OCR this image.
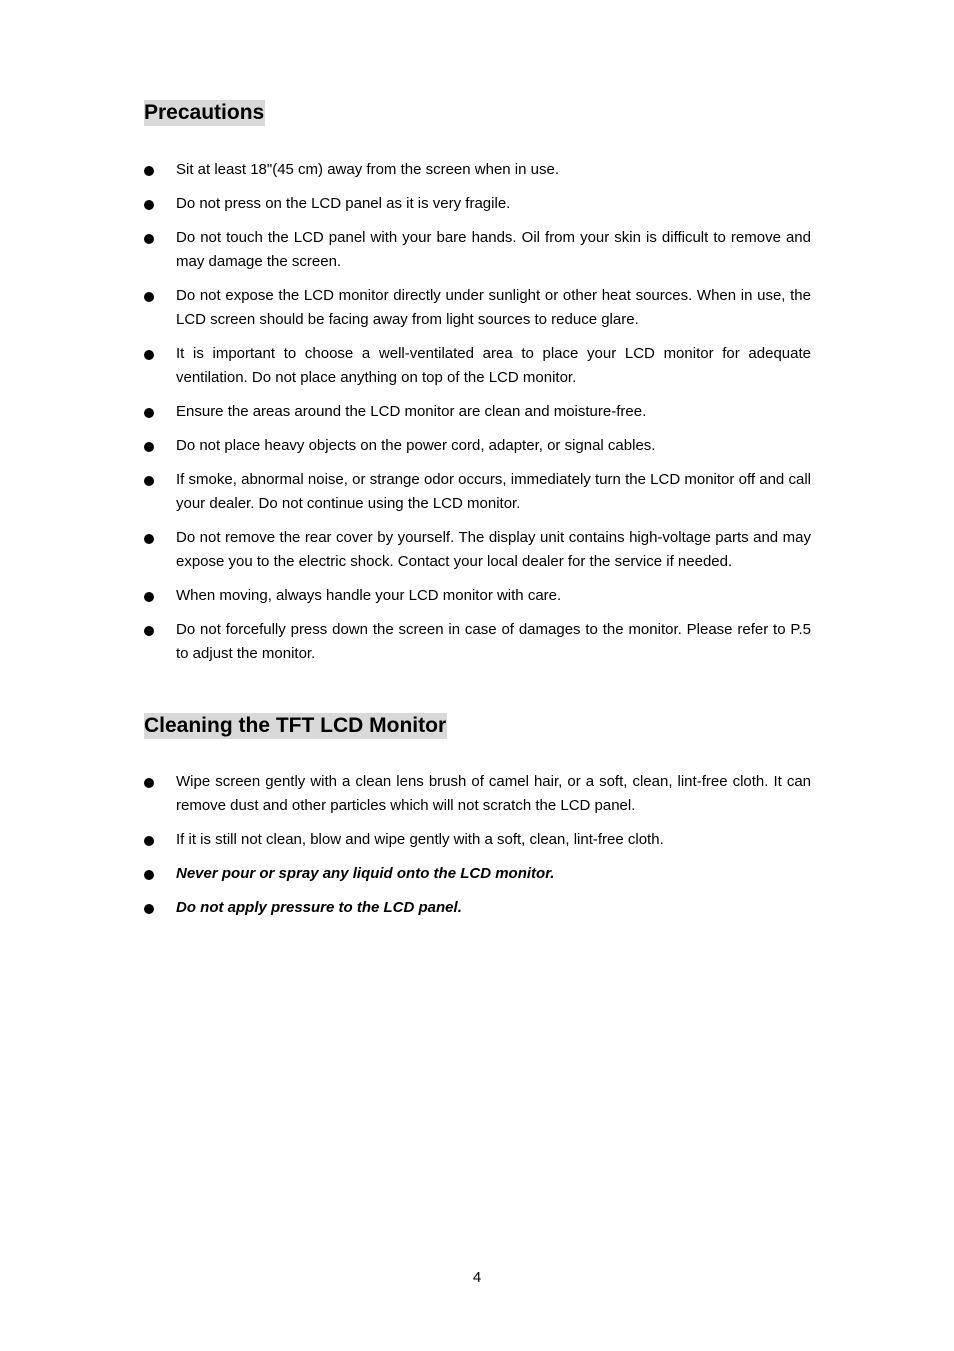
Precautions
Sit at least 18"(45 cm) away from the screen when in use.
Do not press on the LCD panel as it is very fragile.
Do not touch the LCD panel with your bare hands. Oil from your skin is difficult to remove and may damage the screen.
Do not expose the LCD monitor directly under sunlight or other heat sources. When in use, the LCD screen should be facing away from light sources to reduce glare.
It is important to choose a well-ventilated area to place your LCD monitor for adequate ventilation. Do not place anything on top of the LCD monitor.
Ensure the areas around the LCD monitor are clean and moisture-free.
Do not place heavy objects on the power cord, adapter, or signal cables.
If smoke, abnormal noise, or strange odor occurs, immediately turn the LCD monitor off and call your dealer. Do not continue using the LCD monitor.
Do not remove the rear cover by yourself. The display unit contains high-voltage parts and may expose you to the electric shock. Contact your local dealer for the service if needed.
When moving, always handle your LCD monitor with care.
Do not forcefully press down the screen in case of damages to the monitor. Please refer to P.5 to adjust the monitor.
Cleaning the TFT LCD Monitor
Wipe screen gently with a clean lens brush of camel hair, or a soft, clean, lint-free cloth. It can remove dust and other particles which will not scratch the LCD panel.
If it is still not clean, blow and wipe gently with a soft, clean, lint-free cloth.
Never pour or spray any liquid onto the LCD monitor.
Do not apply pressure to the LCD panel.
4
